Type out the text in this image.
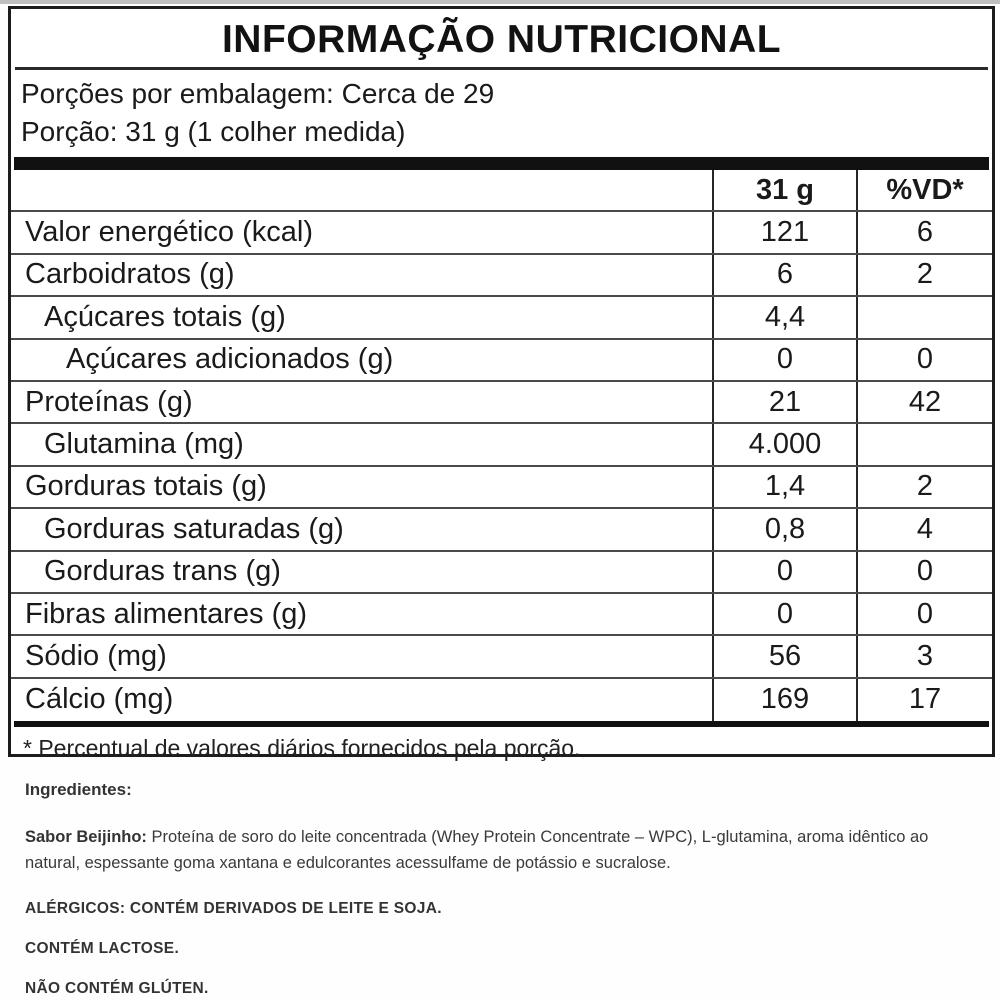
INFORMAÇÃO NUTRICIONAL
Porções por embalagem: Cerca de 29
Porção: 31 g (1 colher medida)
31 g	%VD*
Valor energético (kcal)	121	6
Carboidratos (g)	6	2
Açúcares totais (g)	4,4
Açúcares adicionados (g)	0	0
Proteínas (g)	21	42
Glutamina (mg)	4.000
Gorduras totais (g)	1,4	2
Gorduras saturadas (g)	0,8	4
Gorduras trans (g)	0	0
Fibras alimentares (g)	0	0
Sódio (mg)	56	3
Cálcio (mg)	169	17
* Percentual de valores diários fornecidos pela porção.

Ingredientes:

Sabor Beijinho: Proteína de soro do leite concentrada (Whey Protein Concentrate – WPC), L-glutamina, aroma idêntico ao natural, espessante goma xantana e edulcorantes acessulfame de potássio e sucralose.

ALÉRGICOS: CONTÉM DERIVADOS DE LEITE E SOJA.

CONTÉM LACTOSE.

NÃO CONTÉM GLÚTEN.
